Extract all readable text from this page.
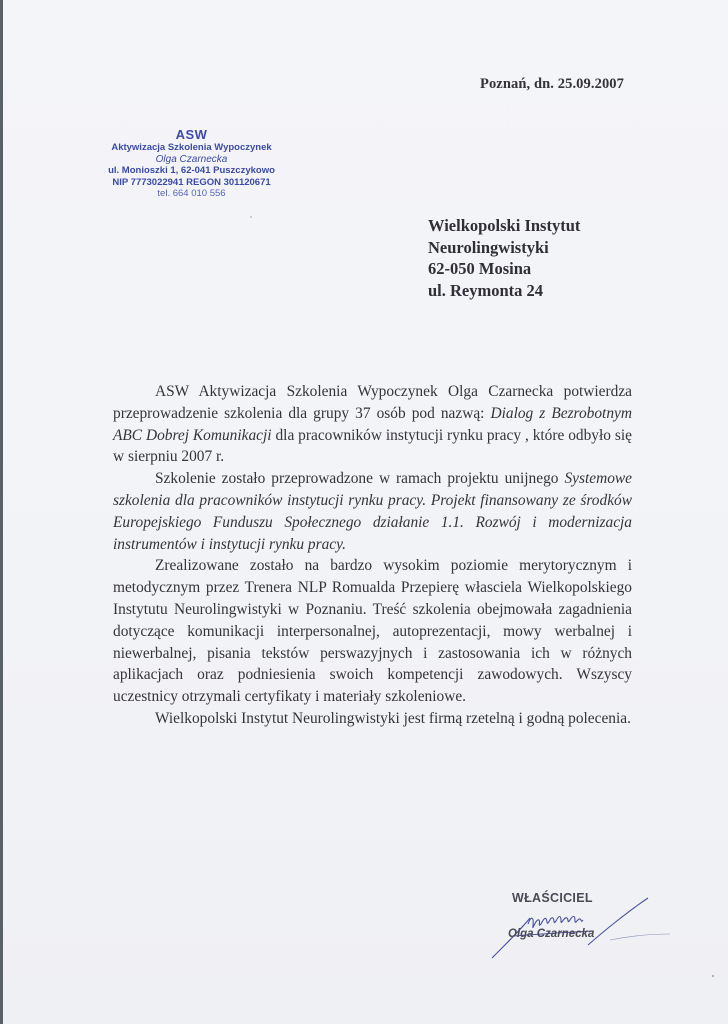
Poznań, dn. 25.09.2007
ASW
Aktywizacja Szkolenia Wypoczynek
Olga Czarnecka
ul. Monioszki 1, 62-041 Puszczykowo
NIP 7773022941 REGON 301120671
tel. 664 010 556
Wielkopolski Instytut
Neurolingwistyki
62-050 Mosina
ul. Reymonta 24

ASW Aktywizacja Szkolenia Wypoczynek Olga Czarnecka potwierdza przeprowadzenie szkolenia dla grupy 37 osób pod nazwą: Dialog z Bezrobotnym ABC Dobrej Komunikacji dla pracowników instytucji rynku pracy , które odbyło się w sierpniu 2007 r.

Szkolenie zostało przeprowadzone w ramach projektu unijnego Systemowe szkolenia dla pracowników instytucji rynku pracy. Projekt finansowany ze środków Europejskiego Funduszu Społecznego działanie 1.1. Rozwój i modernizacja instrumentów i instytucji rynku pracy.

Zrealizowane zostało na bardzo wysokim poziomie merytorycznym i metodycznym przez Trenera NLP Romualda Przepierę własciela Wielkopolskiego Instytutu Neurolingwistyki w Poznaniu. Treść szkolenia obejmowała zagadnienia dotyczące komunikacji interpersonalnej, autoprezentacji, mowy werbalnej i niewerbalnej, pisania tekstów perswazyjnych i zastosowania ich w różnych aplikacjach oraz podniesienia swoich kompetencji zawodowych. Wszyscy uczestnicy otrzymali certyfikaty i materiały szkoleniowe.

Wielkopolski Instytut Neurolingwistyki jest firmą rzetelną i godną polecenia.

WŁAŚCICIEL
Olga Czarnecka
